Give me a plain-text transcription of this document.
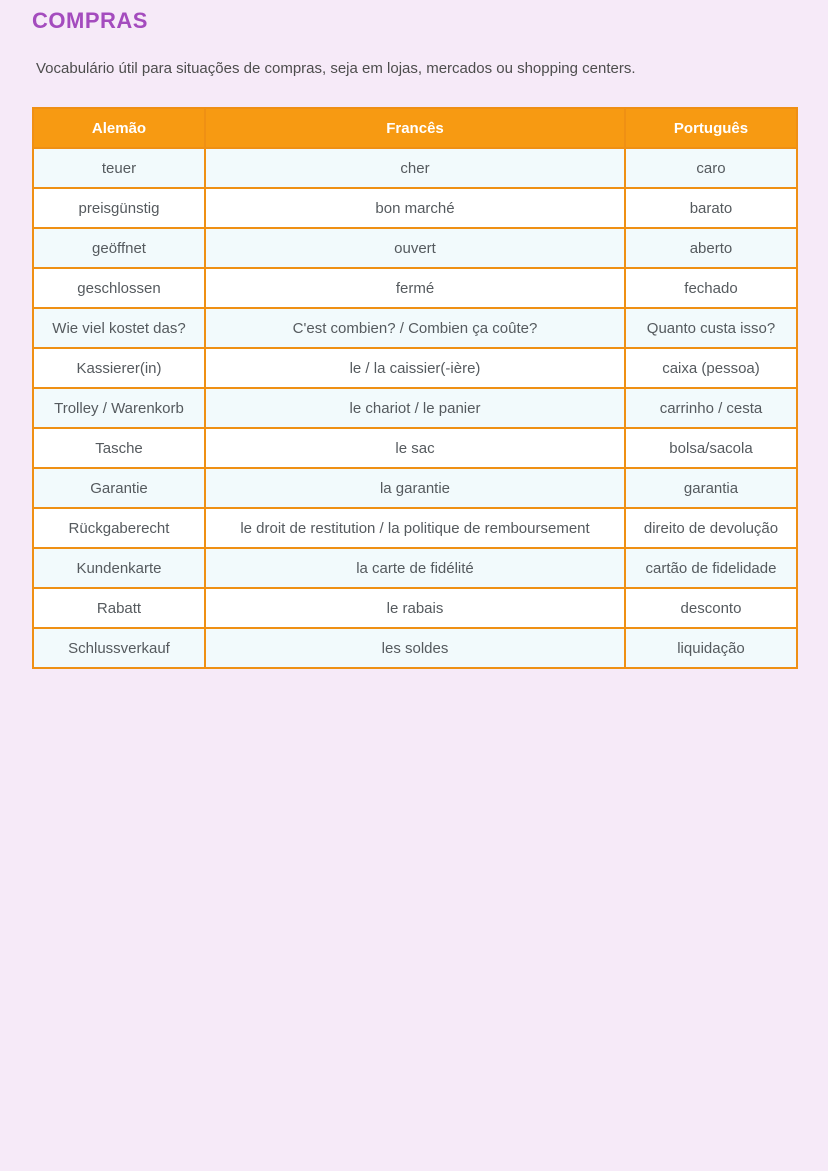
COMPRAS

Vocabulário útil para situações de compras, seja em lojas, mercados ou shopping centers.

Alemão	Francês	Português
teuer	cher	caro
preisgünstig	bon marché	barato
geöffnet	ouvert	aberto
geschlossen	fermé	fechado
Wie viel kostet das?	C'est combien? / Combien ça coûte?	Quanto custa isso?
Kassierer(in)	le / la caissier(-ière)	caixa (pessoa)
Trolley / Warenkorb	le chariot / le panier	carrinho / cesta
Tasche	le sac	bolsa/sacola
Garantie	la garantie	garantia
Rückgaberecht	le droit de restitution / la politique de remboursement	direito de devolução
Kundenkarte	la carte de fidélité	cartão de fidelidade
Rabatt	le rabais	desconto
Schlussverkauf	les soldes	liquidação
